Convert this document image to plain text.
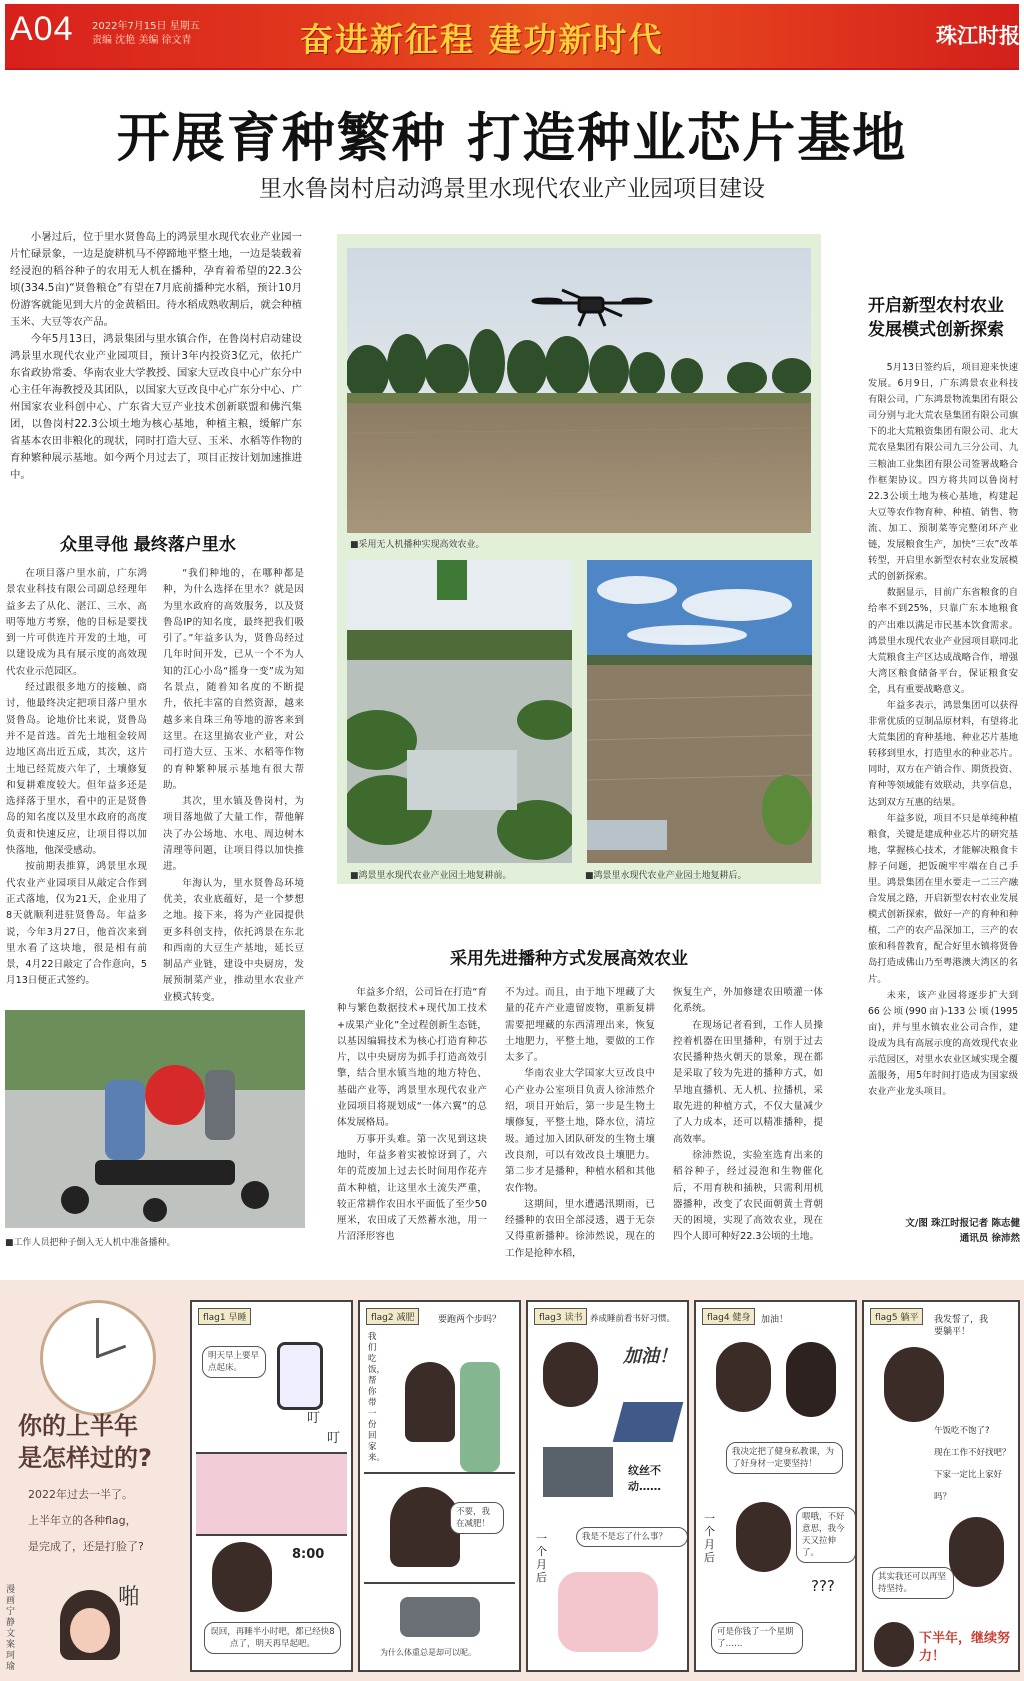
A04 2022年7月15日 星期五
责编 沈艳 美编 徐文青	奋进新征程 建功新时代	珠江时报
开展育种繁种 打造种业芯片基地
里水鲁岗村启动鸿景里水现代农业产业园项目建设

小暑过后，位于里水贤鲁岛上的鸿景里水现代农业产业园一片忙碌景象，一边是旋耕机马不停蹄地平整土地，一边是装载着经浸泡的稻谷种子的农用无人机在播种，孕育着希望的22.3公顷(334.5亩)“贤鲁粮仓”有望在7月底前播种完水稻，预计10月份游客就能见到大片的金黄稻田。待水稻成熟收割后，就会种植玉米、大豆等农产品。

今年5月13日，鸿景集团与里水镇合作，在鲁岗村启动建设鸿景里水现代农业产业园项目，预计3年内投资3亿元，依托广东省政协常委、华南农业大学教授、国家大豆改良中心广东分中心主任年海教授及其团队，以国家大豆改良中心广东分中心、广州国家农业科创中心、广东省大豆产业技术创新联盟和佛汽集团，以鲁岗村22.3公顷土地为核心基地，种植主粮，缓解广东省基本农田非粮化的现状，同时打造大豆、玉米、水稻等作物的育种繁种展示基地。如今两个月过去了，项目正按计划加速推进中。

众里寻他 最终落户里水

在项目落户里水前，广东鸿景农业科技有限公司副总经理年益多去了从化、湛江、三水、高明等地方考察，他的目标是要找到一片可供连片开发的土地，可以建设成为具有展示度的高效现代农业示范园区。

经过跟很多地方的接触、商讨，他最终决定把项目落户里水贤鲁岛。论地价比来说，贤鲁岛并不是首选。首先土地租金较周边地区高出近五成，其次，这片土地已经荒废六年了，土壤修复和复耕难度较大。但年益多还是选择落于里水，看中的正是贤鲁岛的知名度以及里水政府的高度负责和快速反应，让项目得以加快落地，他深受感动。

按前期表推算，鸿景里水现代农业产业园项目从敲定合作到正式落地，仅为21天，企业用了8天就顺利进驻贤鲁岛。年益多说，今年3月27日，他首次来到里水看了这块地，很是相有前景，4月22日敲定了合作意向，5月13日便正式签约。

“我们种地的，在哪种都是种，为什么选择在里水？就是因为里水政府的高效服务，以及贤鲁岛IP的知名度，最终把我们吸引了。”年益多认为，贤鲁岛经过几年时间开发，已从一个不为人知的江心小岛“摇身一变”成为知名景点，随着知名度的不断提升，依托丰富的自然资源，越来越多来自珠三角等地的游客来到这里。在这里搞农业产业，对公司打造大豆、玉米、水稻等作物的育种繁种展示基地有很大帮助。

其次，里水镇及鲁岗村，为项目落地做了大量工作，帮他解决了办公场地、水电、周边树木清理等问题，让项目得以加快推进。

年海认为，里水贤鲁岛环境优美，农业底蕴好，是一个梦想之地。接下来，将为产业园提供更多科创支持，依托鸿景在东北和西南的大豆生产基地，延长豆制品产业链，建设中央厨房，发展预制菜产业，推动里水农业产业模式转变。

■采用无人机播种实现高效农业。
■鸿景里水现代农业产业园土地复耕前。	■鸿景里水现代农业产业园土地复耕后。
■工作人员把种子倒入无人机中准备播种。
采用先进播种方式发展高效农业

年益多介绍，公司旨在打造“育种与繁色数据技术+现代加工技术+成果产业化”全过程创新生态链，以基因编辑技术为核心打造育种芯片，以中央厨房为抓手打造高效引擎，结合里水镇当地的地方特色、基础产业等，鸿景里水现代农业产业园项目将规划成“一体六翼”的总体发展格局。

万事开头难。第一次见到这块地时，年益多着实被惊讶到了，六年的荒废加上过去长时间用作花卉苗木种植，让这里水土流失严重，较正常耕作农田水平面低了至少50厘米，农田成了天然蓄水池，用一片沼泽形容也

不为过。而且，由于地下埋藏了大量的花卉产业遗留废物，重新复耕需要把埋藏的东西清理出来，恢复土地肥力，平整土地，要做的工作太多了。

华南农业大学国家大豆改良中心产业办公室项目负责人徐沛然介绍，项目开始后，第一步是生物土壤修复，平整土地，降水位，清垃圾。通过加入团队研发的生物土壤改良剂，可以有效改良土壤肥力。第二步才是播种，种植水稻和其他农作物。

这期间，里水遭遇汛期雨，已经播种的农田全部浸透，遇于无奈又得重新播种。徐沛然说，现在的工作是抢种水稻，

恢复生产，外加修建农田喷灌一体化系统。

在现场记者看到，工作人员操控着机器在田里播种，有别于过去农民播种热火朝天的景象，现在都是采取了较为先进的播种方式，如旱地直播机、无人机、拉播机，采取先进的种植方式，不仅大量减少了人力成本，还可以精准播种，提高效率。

徐沛然说，实验室选育出来的稻谷种子，经过浸泡和生物催化后，不用育秧和插秧，只需利用机器播种，改变了农民面朝黄土背朝天的困境，实现了高效农业，现在四个人即可种好22.3公顷的土地。

开启新型农村农业
发展模式创新探索

5月13日签约后，项目迎来快速发展。6月9日，广东鸿景农业科技有限公司，广东鸿景物流集团有限公司分别与北大荒农垦集团有限公司旗下的北大荒粮资集团有限公司、北大荒农垦集团有限公司九三分公司、九三粮油工业集团有限公司签署战略合作框架协议。四方将共同以鲁岗村22.3公顷土地为核心基地，构建起大豆等农作物育种、种植、销售、物流、加工、预制菜等完整闭环产业链，发展粮食生产，加快“三农”改革转型，开启里水新型农村农业发展模式的创新探索。

数据显示，目前广东省粮食的自给率不到25%，只靠广东本地粮食的产出难以满足市民基本饮食需求。鸿景里水现代农业产业园项目联同北大荒粮食主产区达成战略合作，增强大湾区粮食储备平台，保证粮食安全，具有重要战略意义。

年益多表示，鸿景集团可以获得非常优质的豆制品原材料，有望将北大荒集团的育种基地、种业芯片基地转移到里水，打造里水的种业芯片。同时，双方在产销合作、期货投资、育种等领域能有效联动，共享信息，达到双方互惠的结果。

年益多说，项目不只是单纯种植粮食，关键是建成种业芯片的研究基地，掌握核心技术，才能解决粮食卡脖子问题，把饭碗牢牢端在自己手里。鸿景集团在里水要走一二三产融合发展之路，开启新型农村农业发展模式创新探索，做好一产的育种和种植，二产的农产品深加工，三产的农旅和科普教育，配合好里水镇将贤鲁岛打造成佛山乃至粤港澳大湾区的名片。

未来，该产业园将逐步扩大到66公顷(990亩)-133公顷(1995亩)，并与里水镇农业公司合作，建设成为具有高展示度的高效现代农业示范园区，对里水农业区域实现全覆盖服务，用5年时间打造成为国家级农业产业龙头项目。

文/图 珠江时报记者 陈志健
通讯员 徐沛然
你的上半年
是怎样过的?
2022年过去一半了。
上半年立的各种flag，
是完成了，还是打脸了?
啪
漫画 宁静 文案 珂瑜
flag1 早睡
明天早上要早点起床。
叮
叮
8:00
误回，再睡半小时吧，都已经快8点了，明天再早起吧。
flag2 减肥	要跑两个步吗？
我们吃饭，帮你带一份回家来。
不要，我在减肥！
为什么体重总是却可以呢。
flag3 读书 养成睡前看书好习惯。
加油！
纹丝不动……
一个月后
我是不是忘了什么事？
flag4 健身	加油！
我决定把了健身私教课，为了好身材一定要坚持！
一个月后
喂哦，不好意思，我今天又拉伸了。
???
可是你钱了一个星期了……
flag5 躺平	我发誓了，我要躺平！
午饭吃不饱了?
现在工作不好找吧？
下家一定比上家好吗？
其实我还可以再坚持坚持。
下半年，继续努力！
